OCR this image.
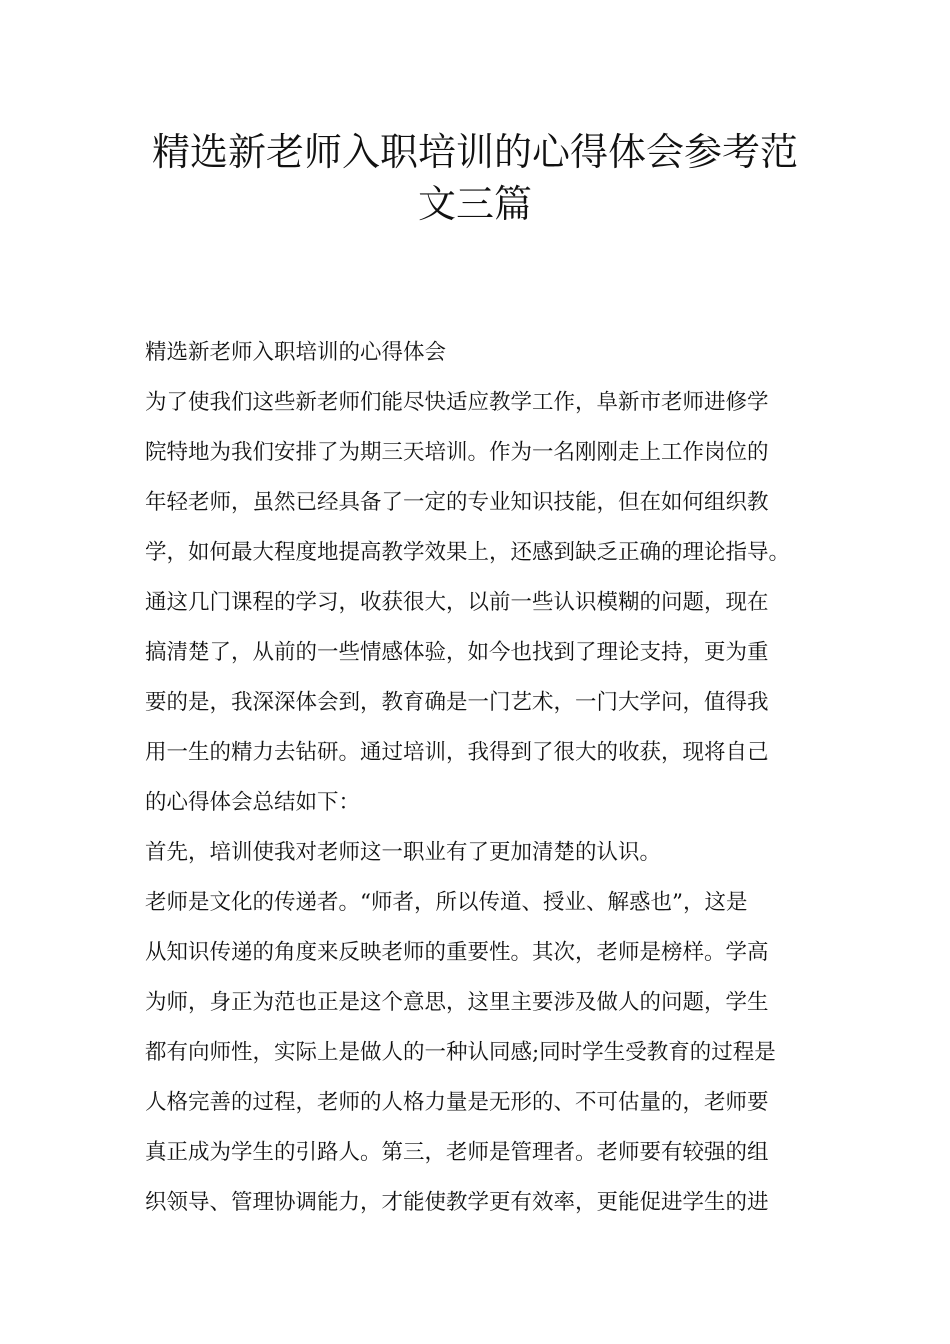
精选新老师入职培训的心得体会参考范
文三篇
精选新老师入职培训的心得体会
为了使我们这些新老师们能尽快适应教学工作，阜新市老师进修学
院特地为我们安排了为期三天培训。作为一名刚刚走上工作岗位的
年轻老师，虽然已经具备了一定的专业知识技能，但在如何组织教
学，如何最大程度地提高教学效果上，还感到缺乏正确的理论指导。
通这几门课程的学习，收获很大，以前一些认识模糊的问题，现在
搞清楚了，从前的一些情感体验，如今也找到了理论支持，更为重
要的是，我深深体会到，教育确是一门艺术，一门大学问，值得我
用一生的精力去钻研。通过培训，我得到了很大的收获，现将自己
的心得体会总结如下：
首先，培训使我对老师这一职业有了更加清楚的认识。
老师是文化的传递者。“师者，所以传道、授业、解惑也”，这是
从知识传递的角度来反映老师的重要性。其次，老师是榜样。学高
为师，身正为范也正是这个意思，这里主要涉及做人的问题，学生
都有向师性，实际上是做人的一种认同感;同时学生受教育的过程是
人格完善的过程，老师的人格力量是无形的、不可估量的，老师要
真正成为学生的引路人。第三，老师是管理者。老师要有较强的组
织领导、管理协调能力，才能使教学更有效率，更能促进学生的进
